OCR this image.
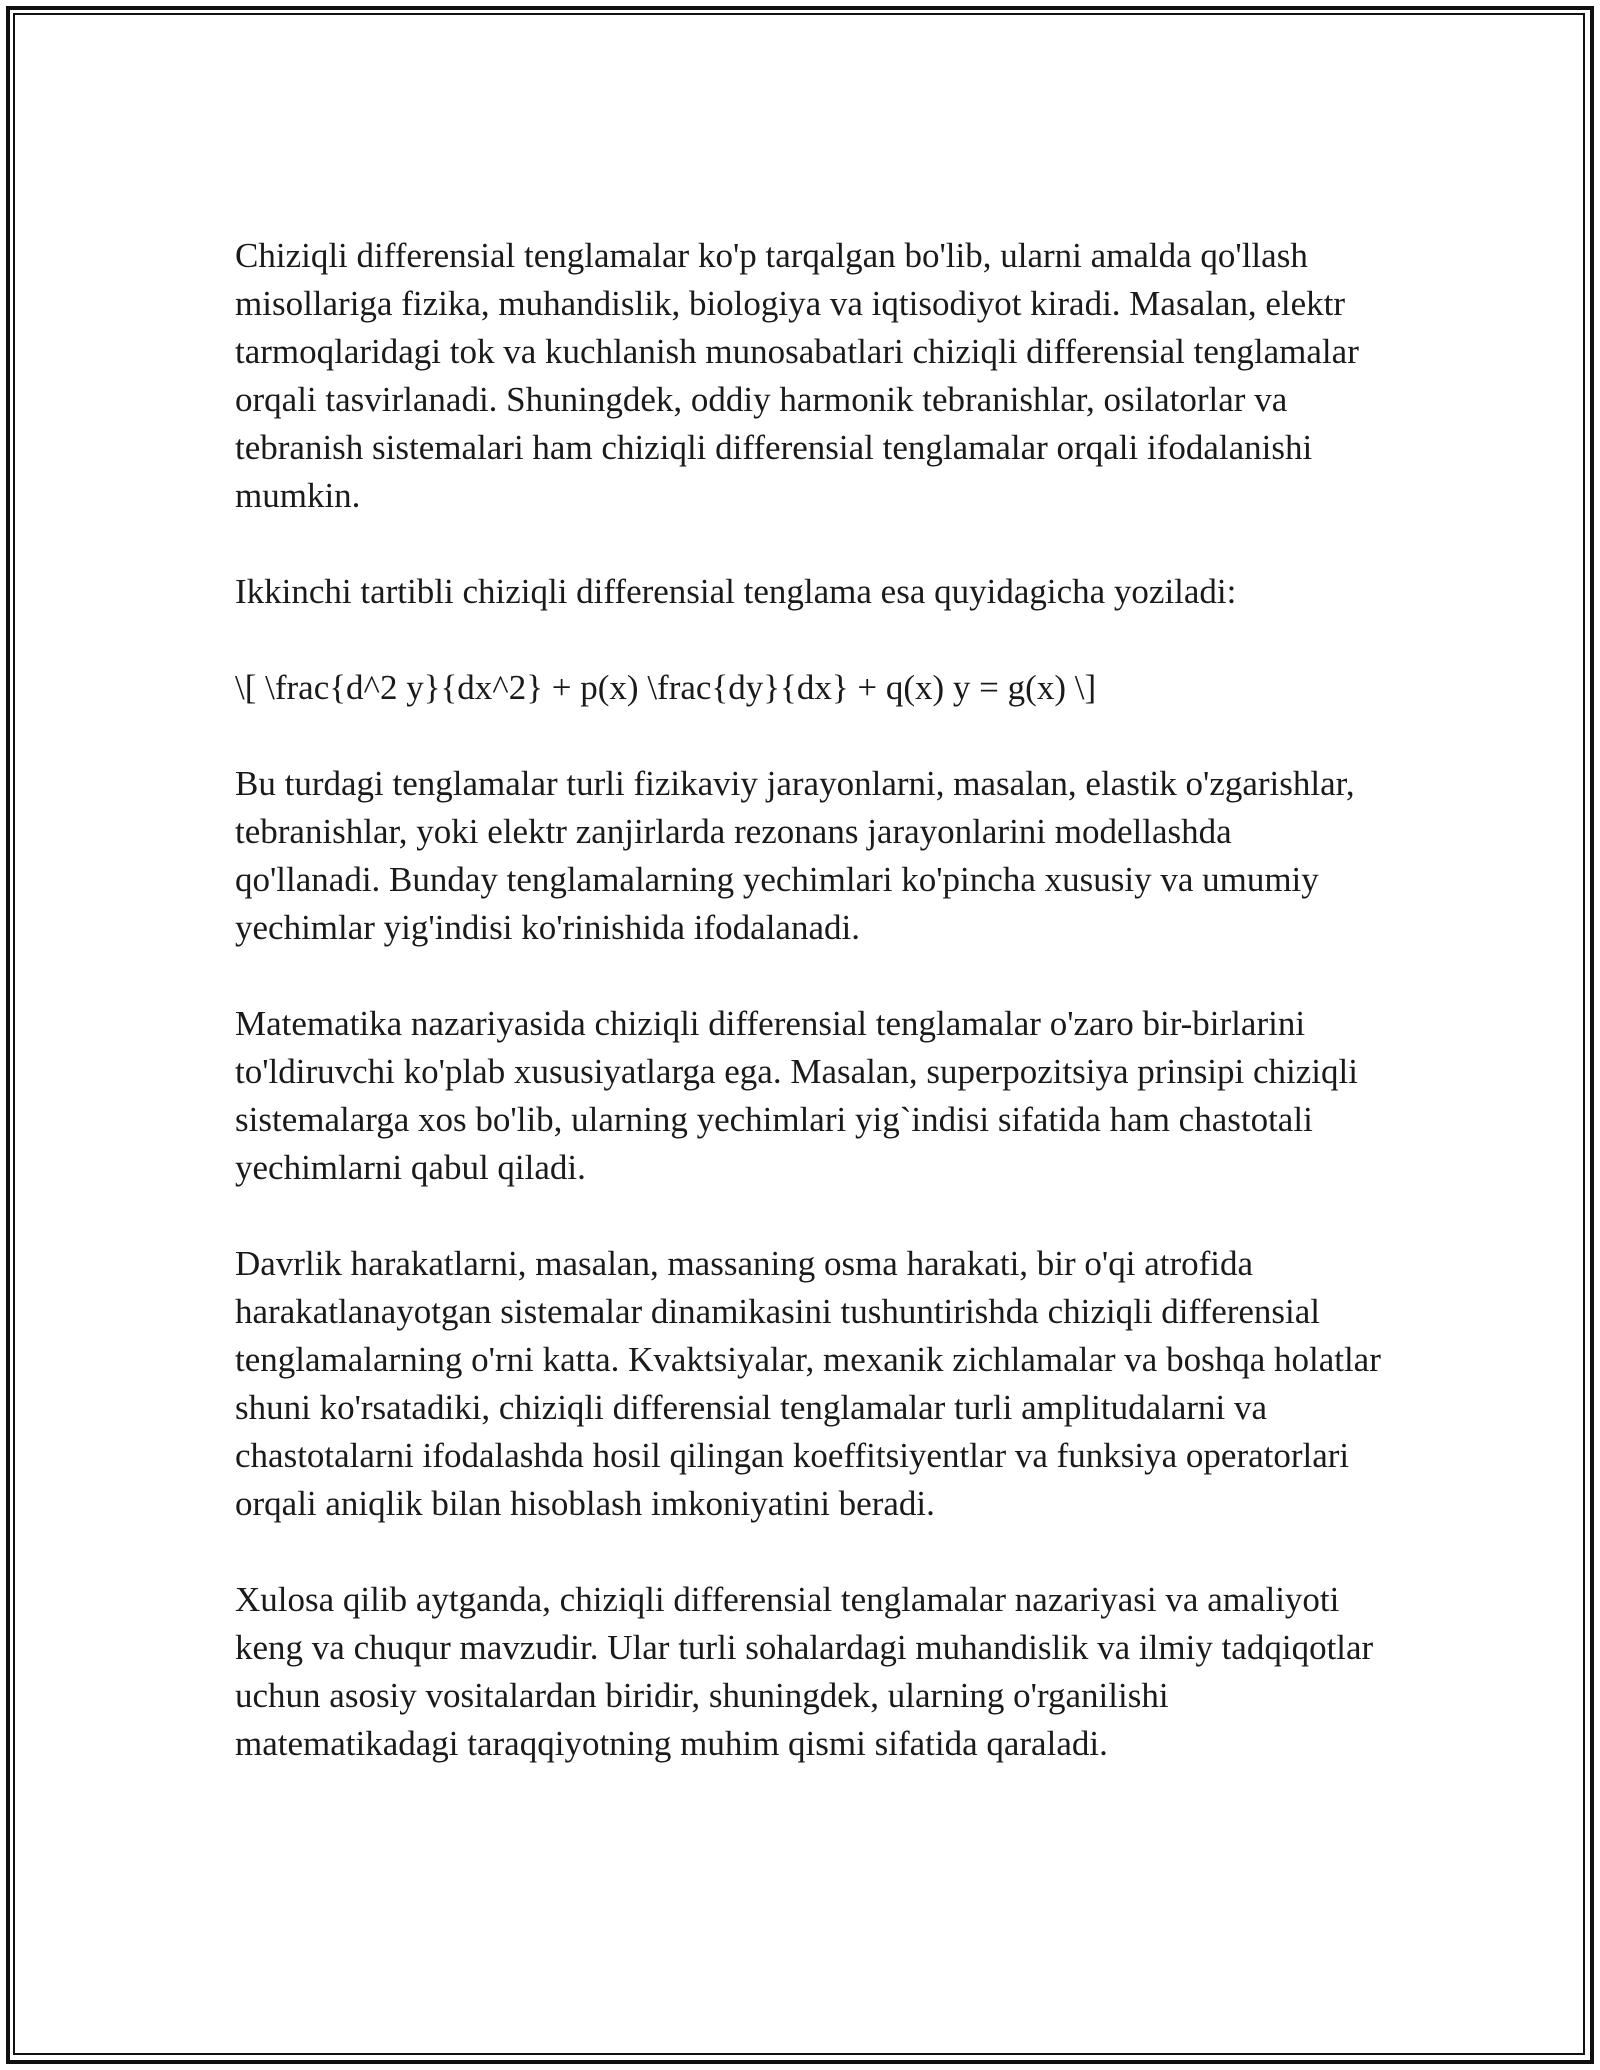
Chiziqli differensial tenglamalar ko'p tarqalgan bo'lib, ularni amalda qo'llash misollariga fizika, muhandislik, biologiya va iqtisodiyot kiradi. Masalan, elektr tarmoqlaridagi tok va kuchlanish munosabatlari chiziqli differensial tenglamalar orqali tasvirlanadi. Shuningdek, oddiy harmonik tebranishlar, osilatorlar va tebranish sistemalari ham chiziqli differensial tenglamalar orqali ifodalanishi mumkin.

Ikkinchi tartibli chiziqli differensial tenglama esa quyidagicha yoziladi:

\[ \frac{d^2 y}{dx^2} + p(x) \frac{dy}{dx} + q(x) y = g(x) \]

Bu turdagi tenglamalar turli fizikaviy jarayonlarni, masalan, elastik o'zgarishlar, tebranishlar, yoki elektr zanjirlarda rezonans jarayonlarini modellashda qo'llanadi. Bunday tenglamalarning yechimlari ko'pincha xususiy va umumiy yechimlar yig'indisi ko'rinishida ifodalanadi.

Matematika nazariyasida chiziqli differensial tenglamalar o'zaro bir-birlarini to'ldiruvchi ko'plab xususiyatlarga ega. Masalan, superpozitsiya prinsipi chiziqli sistemalarga xos bo'lib, ularning yechimlari yig`indisi sifatida ham chastotali yechimlarni qabul qiladi.

Davrlik harakatlarni, masalan, massaning osma harakati, bir o'qi atrofida harakatlanayotgan sistemalar dinamikasini tushuntirishda chiziqli differensial tenglamalarning o'rni katta. Kvaktsiyalar, mexanik zichlamalar va boshqa holatlar shuni ko'rsatadiki, chiziqli differensial tenglamalar turli amplitudalarni va chastotalarni ifodalashda hosil qilingan koeffitsiyentlar va funksiya operatorlari orqali aniqlik bilan hisoblash imkoniyatini beradi.

Xulosa qilib aytganda, chiziqli differensial tenglamalar nazariyasi va amaliyoti keng va chuqur mavzudir. Ular turli sohalardagi muhandislik va ilmiy tadqiqotlar uchun asosiy vositalardan biridir, shuningdek, ularning o'rganilishi matematikadagi taraqqiyotning muhim qismi sifatida qaraladi.
